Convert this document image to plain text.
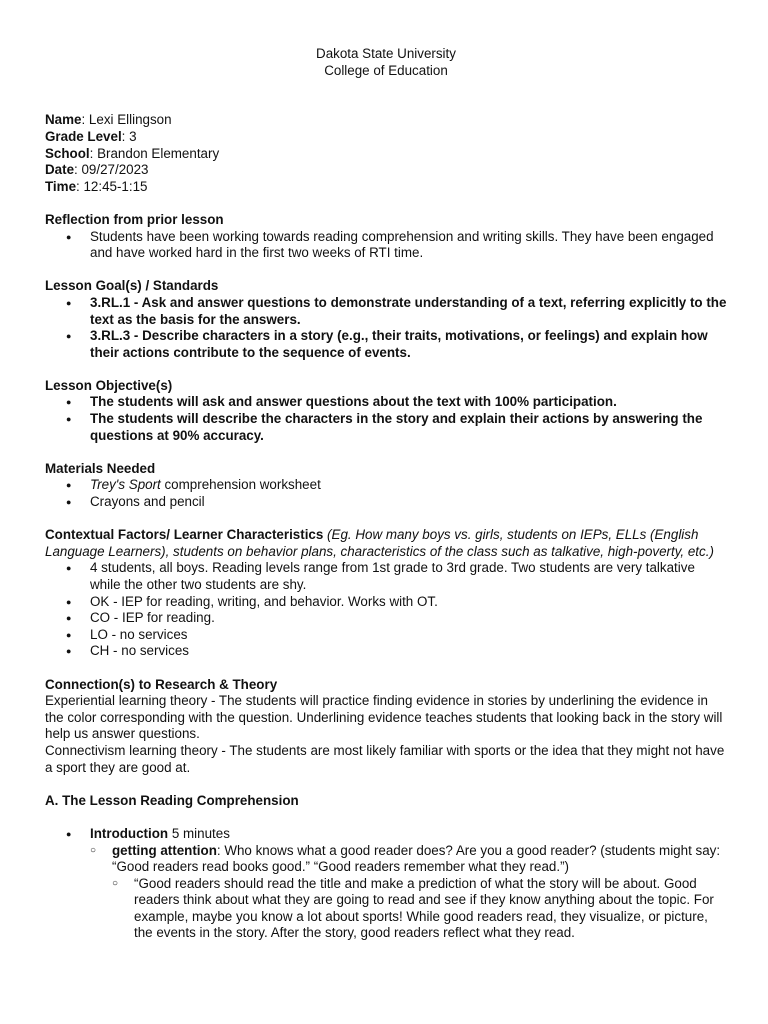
Dakota State University

College of Education

Name: Lexi Ellingson

Grade Level: 3

School: Brandon Elementary

Date: 09/27/2023

Time: 12:45-1:15

Reflection from prior lesson

● Students have been working towards reading comprehension and writing skills. They have been engaged and have worked hard in the first two weeks of RTI time.

Lesson Goal(s) / Standards

● 3.RL.1 - Ask and answer questions to demonstrate understanding of a text, referring explicitly to the text as the basis for the answers.
● 3.RL.3 - Describe characters in a story (e.g., their traits, motivations, or feelings) and explain how their actions contribute to the sequence of events.

Lesson Objective(s)

● The students will ask and answer questions about the text with 100% participation.
● The students will describe the characters in the story and explain their actions by answering the questions at 90% accuracy.

Materials Needed

● Trey's Sport comprehension worksheet
● Crayons and pencil

Contextual Factors/ Learner Characteristics (Eg. How many boys vs. girls, students on IEPs, ELLs (English Language Learners), students on behavior plans, characteristics of the class such as talkative, high-poverty, etc.)

● 4 students, all boys. Reading levels range from 1st grade to 3rd grade. Two students are very talkative while the other two students are shy.
● OK - IEP for reading, writing, and behavior. Works with OT.
● CO - IEP for reading.
● LO - no services
● CH - no services

Connection(s) to Research & Theory

Experiential learning theory - The students will practice finding evidence in stories by underlining the evidence in the color corresponding with the question. Underlining evidence teaches students that looking back in the story will help us answer questions.

Connectivism learning theory - The students are most likely familiar with sports or the idea that they might not have a sport they are good at.

A. The Lesson Reading Comprehension

● Introduction 5 minutes
○ getting attention: Who knows what a good reader does? Are you a good reader? (students might say: “Good readers read books good.” “Good readers remember what they read.”)
○ “Good readers should read the title and make a prediction of what the story will be about. Good readers think about what they are going to read and see if they know anything about the topic. For example, maybe you know a lot about sports! While good readers read, they visualize, or picture, the events in the story. After the story, good readers reflect what they read.
